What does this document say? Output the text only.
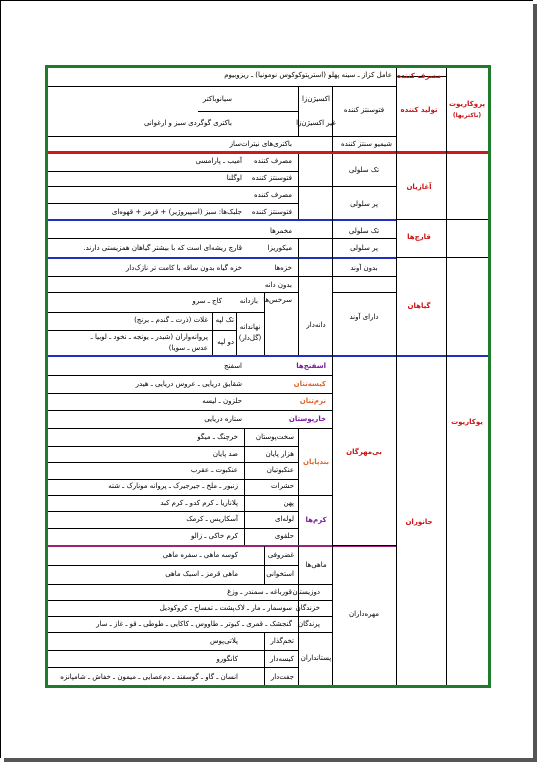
پروکاریوت
(باکتریها)
مصرف کننده
تولید کننده
عامل کزاز ـ سینه پهلو (استرپتوکوکوس نومونیا) ـ ریزوبیوم
فتوسنتز کننده
اکسیژن‌زا
سیانوباکتر
غیر اکسیژن‌زا
باکتری گوگردی سبز و ارغوانی
شیمیو سنتز کننده
باکتری‌های نیترات‌ساز
یوکاریوت
آغازیان
تک سلولی
مصرف کننده
آمیب ـ پارامسی
فتوسنتز کننده
اوگلنا
پر سلولی
مصرف کننده
فتوسنتز کننده
جلبک‌ها: سبز (اسپیروژیر) + قرمز + قهوه‌ای
قارچ‌ها
تک سلولی
مخمرها
پر سلولی
میکوریزا
قارچ ریشه‌ای است که با بیشتر گیاهان همزیستی دارند.
گیاهان
بدون آوند
خزه‌ها
خزه گیاه بدون ساقه با کامت تر نازک‌دار
دارای آوند
بدون دانه
سرخس‌ها
دانه‌دار
بازدانه
کاج ـ سرو
نهاندانه
(گل‌دار)
تک لپه
غلات (ذرت ـ گندم ـ برنج)
دو لپه
پروانه‌واران (شبدر ـ یونجه ـ نخود ـ لوبیا ـ
عدس ـ سویا)
جانوران
بی‌مهرگان
اسفنج‌ها
اسفنج
کیسه‌تنان
شقایق دریایی ـ عروس دریایی ـ هیدر
نرم‌تنان
حلزون ـ لیسه
خارپوستان
ستاره دریایی
بندپایان
سخت‌پوستان
خرچنگ ـ میگو
هزار پایان
صد پایان
عنکبوتیان
عنکبوت ـ عقرب
حشرات
زنبور ـ ملخ ـ جیرجیرک ـ پروانه مونارک ـ شته
کرم‌ها
پهن
پلاناریا ـ کرم کدو ـ کرم کبد
لوله‌ای
آسکاریس ـ کرمک
حلقوی
کرم خاکی ـ زالو
مهره‌داران
ماهی‌ها
غضروفی
کوسه ماهی ـ سفره ماهی
استخوانی
ماهی قرمز ـ اسبک ماهی
دوزیستان
قورباغه ـ سمندر ـ وزغ
خزندگان
سوسمار ـ مار ـ لاک‌پشت ـ تمساح ـ کروکودیل
پرندگان
گنجشک ـ قمری ـ کبوتر ـ طاووس ـ کاکایی ـ طوطی ـ قو ـ غاز ـ سار
پستانداران
تخم‌گذار
پلاتی‌پوس
کیسه‌دار
کانگورو
جفت‌دار
انسان ـ گاو ـ گوسفند ـ دم‌عصایی ـ میمون ـ خفاش ـ شامپانزه
